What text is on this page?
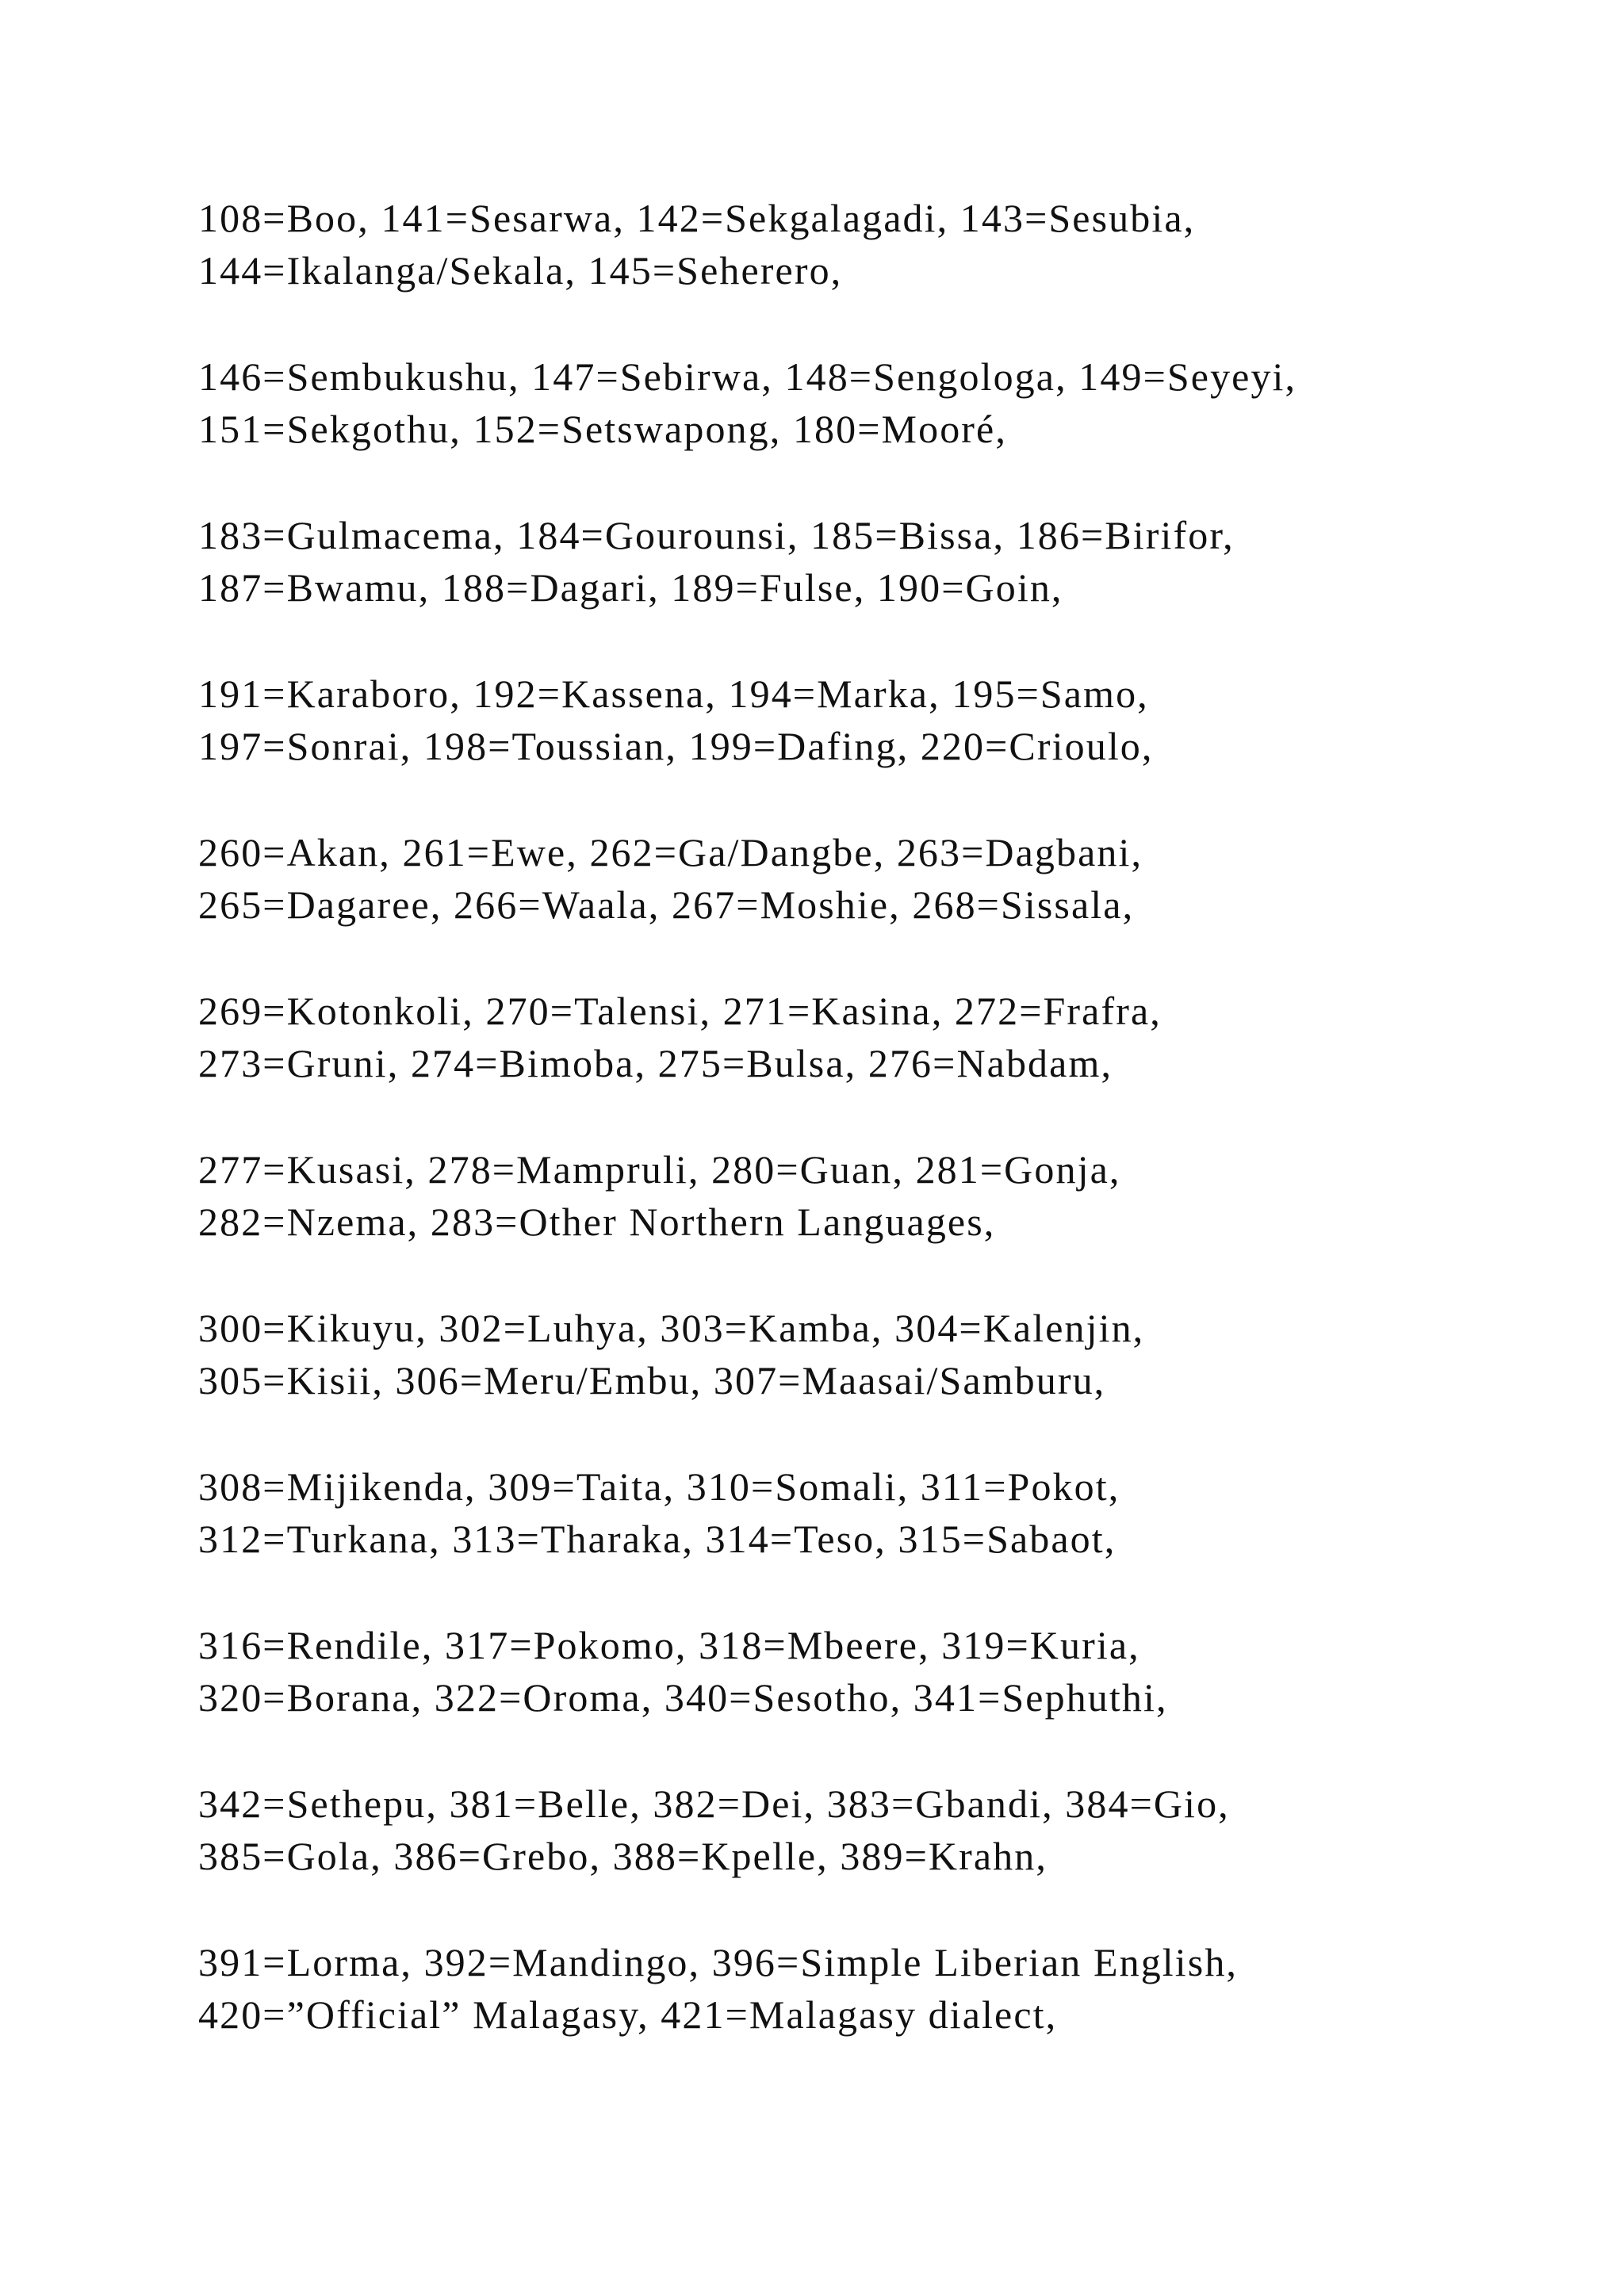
108=Boo, 141=Sesarwa, 142=Sekgalagadi, 143=Sesubia,
144=Ikalanga/Sekala, 145=Seherero,

146=Sembukushu, 147=Sebirwa, 148=Sengologa, 149=Seyeyi,
151=Sekgothu, 152=Setswapong, 180=Mooré,

183=Gulmacema, 184=Gourounsi, 185=Bissa, 186=Birifor,
187=Bwamu, 188=Dagari, 189=Fulse, 190=Goin,

191=Karaboro, 192=Kassena, 194=Marka, 195=Samo,
197=Sonrai, 198=Toussian, 199=Dafing, 220=Crioulo,

260=Akan, 261=Ewe, 262=Ga/Dangbe, 263=Dagbani,
265=Dagaree, 266=Waala, 267=Moshie, 268=Sissala,

269=Kotonkoli, 270=Talensi, 271=Kasina, 272=Frafra,
273=Gruni, 274=Bimoba, 275=Bulsa, 276=Nabdam,

277=Kusasi, 278=Mampruli, 280=Guan, 281=Gonja,
282=Nzema, 283=Other Northern Languages,

300=Kikuyu, 302=Luhya, 303=Kamba, 304=Kalenjin,
305=Kisii, 306=Meru/Embu, 307=Maasai/Samburu,

308=Mijikenda, 309=Taita, 310=Somali, 311=Pokot,
312=Turkana, 313=Tharaka, 314=Teso, 315=Sabaot,

316=Rendile, 317=Pokomo, 318=Mbeere, 319=Kuria,
320=Borana, 322=Oroma, 340=Sesotho, 341=Sephuthi,

342=Sethepu, 381=Belle, 382=Dei, 383=Gbandi, 384=Gio,
385=Gola, 386=Grebo, 388=Kpelle, 389=Krahn,

391=Lorma, 392=Mandingo, 396=Simple Liberian English,
420=”Official” Malagasy, 421=Malagasy dialect,
